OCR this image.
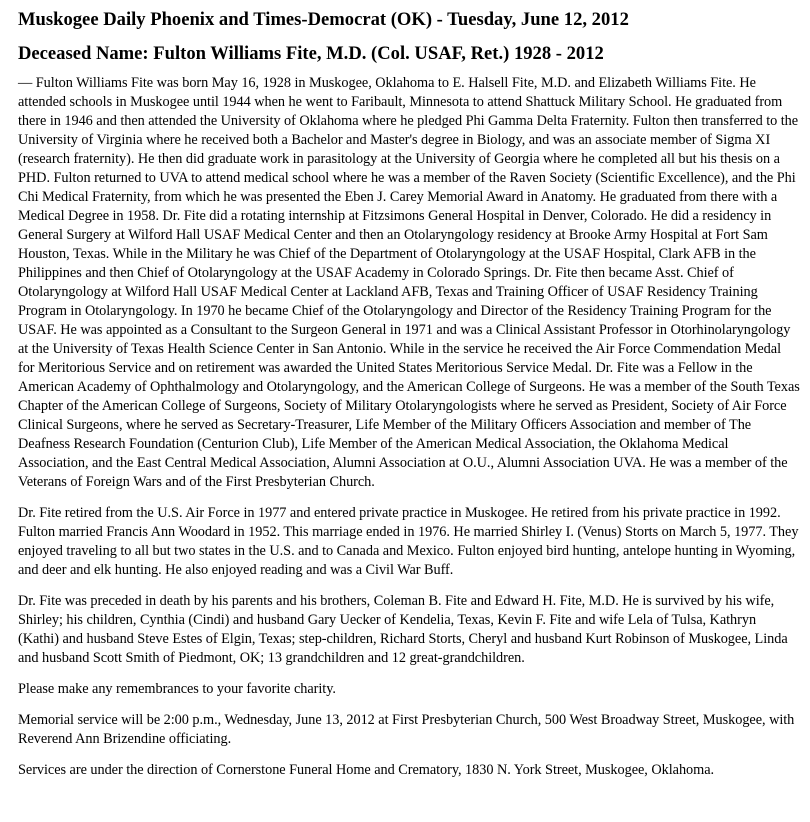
Muskogee Daily Phoenix and Times-Democrat (OK) - Tuesday, June 12, 2012
Deceased Name: Fulton Williams Fite, M.D. (Col. USAF, Ret.) 1928 - 2012

— Fulton Williams Fite was born May 16, 1928 in Muskogee, Oklahoma to E. Halsell Fite, M.D. and Elizabeth Williams Fite. He attended schools in Muskogee until 1944 when he went to Faribault, Minnesota to attend Shattuck Military School. He graduated from there in 1946 and then attended the University of Oklahoma where he pledged Phi Gamma Delta Fraternity. Fulton then transferred to the University of Virginia where he received both a Bachelor and Master's degree in Biology, and was an associate member of Sigma XI (research fraternity). He then did graduate work in parasitology at the University of Georgia where he completed all but his thesis on a PHD. Fulton returned to UVA to attend medical school where he was a member of the Raven Society (Scientific Excellence), and the Phi Chi Medical Fraternity, from which he was presented the Eben J. Carey Memorial Award in Anatomy. He graduated from there with a Medical Degree in 1958. Dr. Fite did a rotating internship at Fitzsimons General Hospital in Denver, Colorado. He did a residency in General Surgery at Wilford Hall USAF Medical Center and then an Otolaryngology residency at Brooke Army Hospital at Fort Sam Houston, Texas. While in the Military he was Chief of the Department of Otolaryngology at the USAF Hospital, Clark AFB in the Philippines and then Chief of Otolaryngology at the USAF Academy in Colorado Springs. Dr. Fite then became Asst. Chief of Otolaryngology at Wilford Hall USAF Medical Center at Lackland AFB, Texas and Training Officer of USAF Residency Training Program in Otolaryngology. In 1970 he became Chief of the Otolaryngology and Director of the Residency Training Program for the USAF. He was appointed as a Consultant to the Surgeon General in 1971 and was a Clinical Assistant Professor in Otorhinolaryngology at the University of Texas Health Science Center in San Antonio. While in the service he received the Air Force Commendation Medal for Meritorious Service and on retirement was awarded the United States Meritorious Service Medal. Dr. Fite was a Fellow in the American Academy of Ophthalmology and Otolaryngology, and the American College of Surgeons. He was a member of the South Texas Chapter of the American College of Surgeons, Society of Military Otolaryngologists where he served as President, Society of Air Force Clinical Surgeons, where he served as Secretary-Treasurer, Life Member of the Military Officers Association and member of The Deafness Research Foundation (Centurion Club), Life Member of the American Medical Association, the Oklahoma Medical Association, and the East Central Medical Association, Alumni Association at O.U., Alumni Association UVA. He was a member of the Veterans of Foreign Wars and of the First Presbyterian Church.

Dr. Fite retired from the U.S. Air Force in 1977 and entered private practice in Muskogee. He retired from his private practice in 1992. Fulton married Francis Ann Woodard in 1952. This marriage ended in 1976. He married Shirley I. (Venus) Storts on March 5, 1977. They enjoyed traveling to all but two states in the U.S. and to Canada and Mexico. Fulton enjoyed bird hunting, antelope hunting in Wyoming, and deer and elk hunting. He also enjoyed reading and was a Civil War Buff.

Dr. Fite was preceded in death by his parents and his brothers, Coleman B. Fite and Edward H. Fite, M.D. He is survived by his wife, Shirley; his children, Cynthia (Cindi) and husband Gary Uecker of Kendelia, Texas, Kevin F. Fite and wife Lela of Tulsa, Kathryn (Kathi) and husband Steve Estes of Elgin, Texas; step-children, Richard Storts, Cheryl and husband Kurt Robinson of Muskogee, Linda and husband Scott Smith of Piedmont, OK; 13 grandchildren and 12 great-grandchildren.

Please make any remembrances to your favorite charity.

Memorial service will be 2:00 p.m., Wednesday, June 13, 2012 at First Presbyterian Church, 500 West Broadway Street, Muskogee, with Reverend Ann Brizendine officiating.

Services are under the direction of Cornerstone Funeral Home and Crematory, 1830 N. York Street, Muskogee, Oklahoma.
